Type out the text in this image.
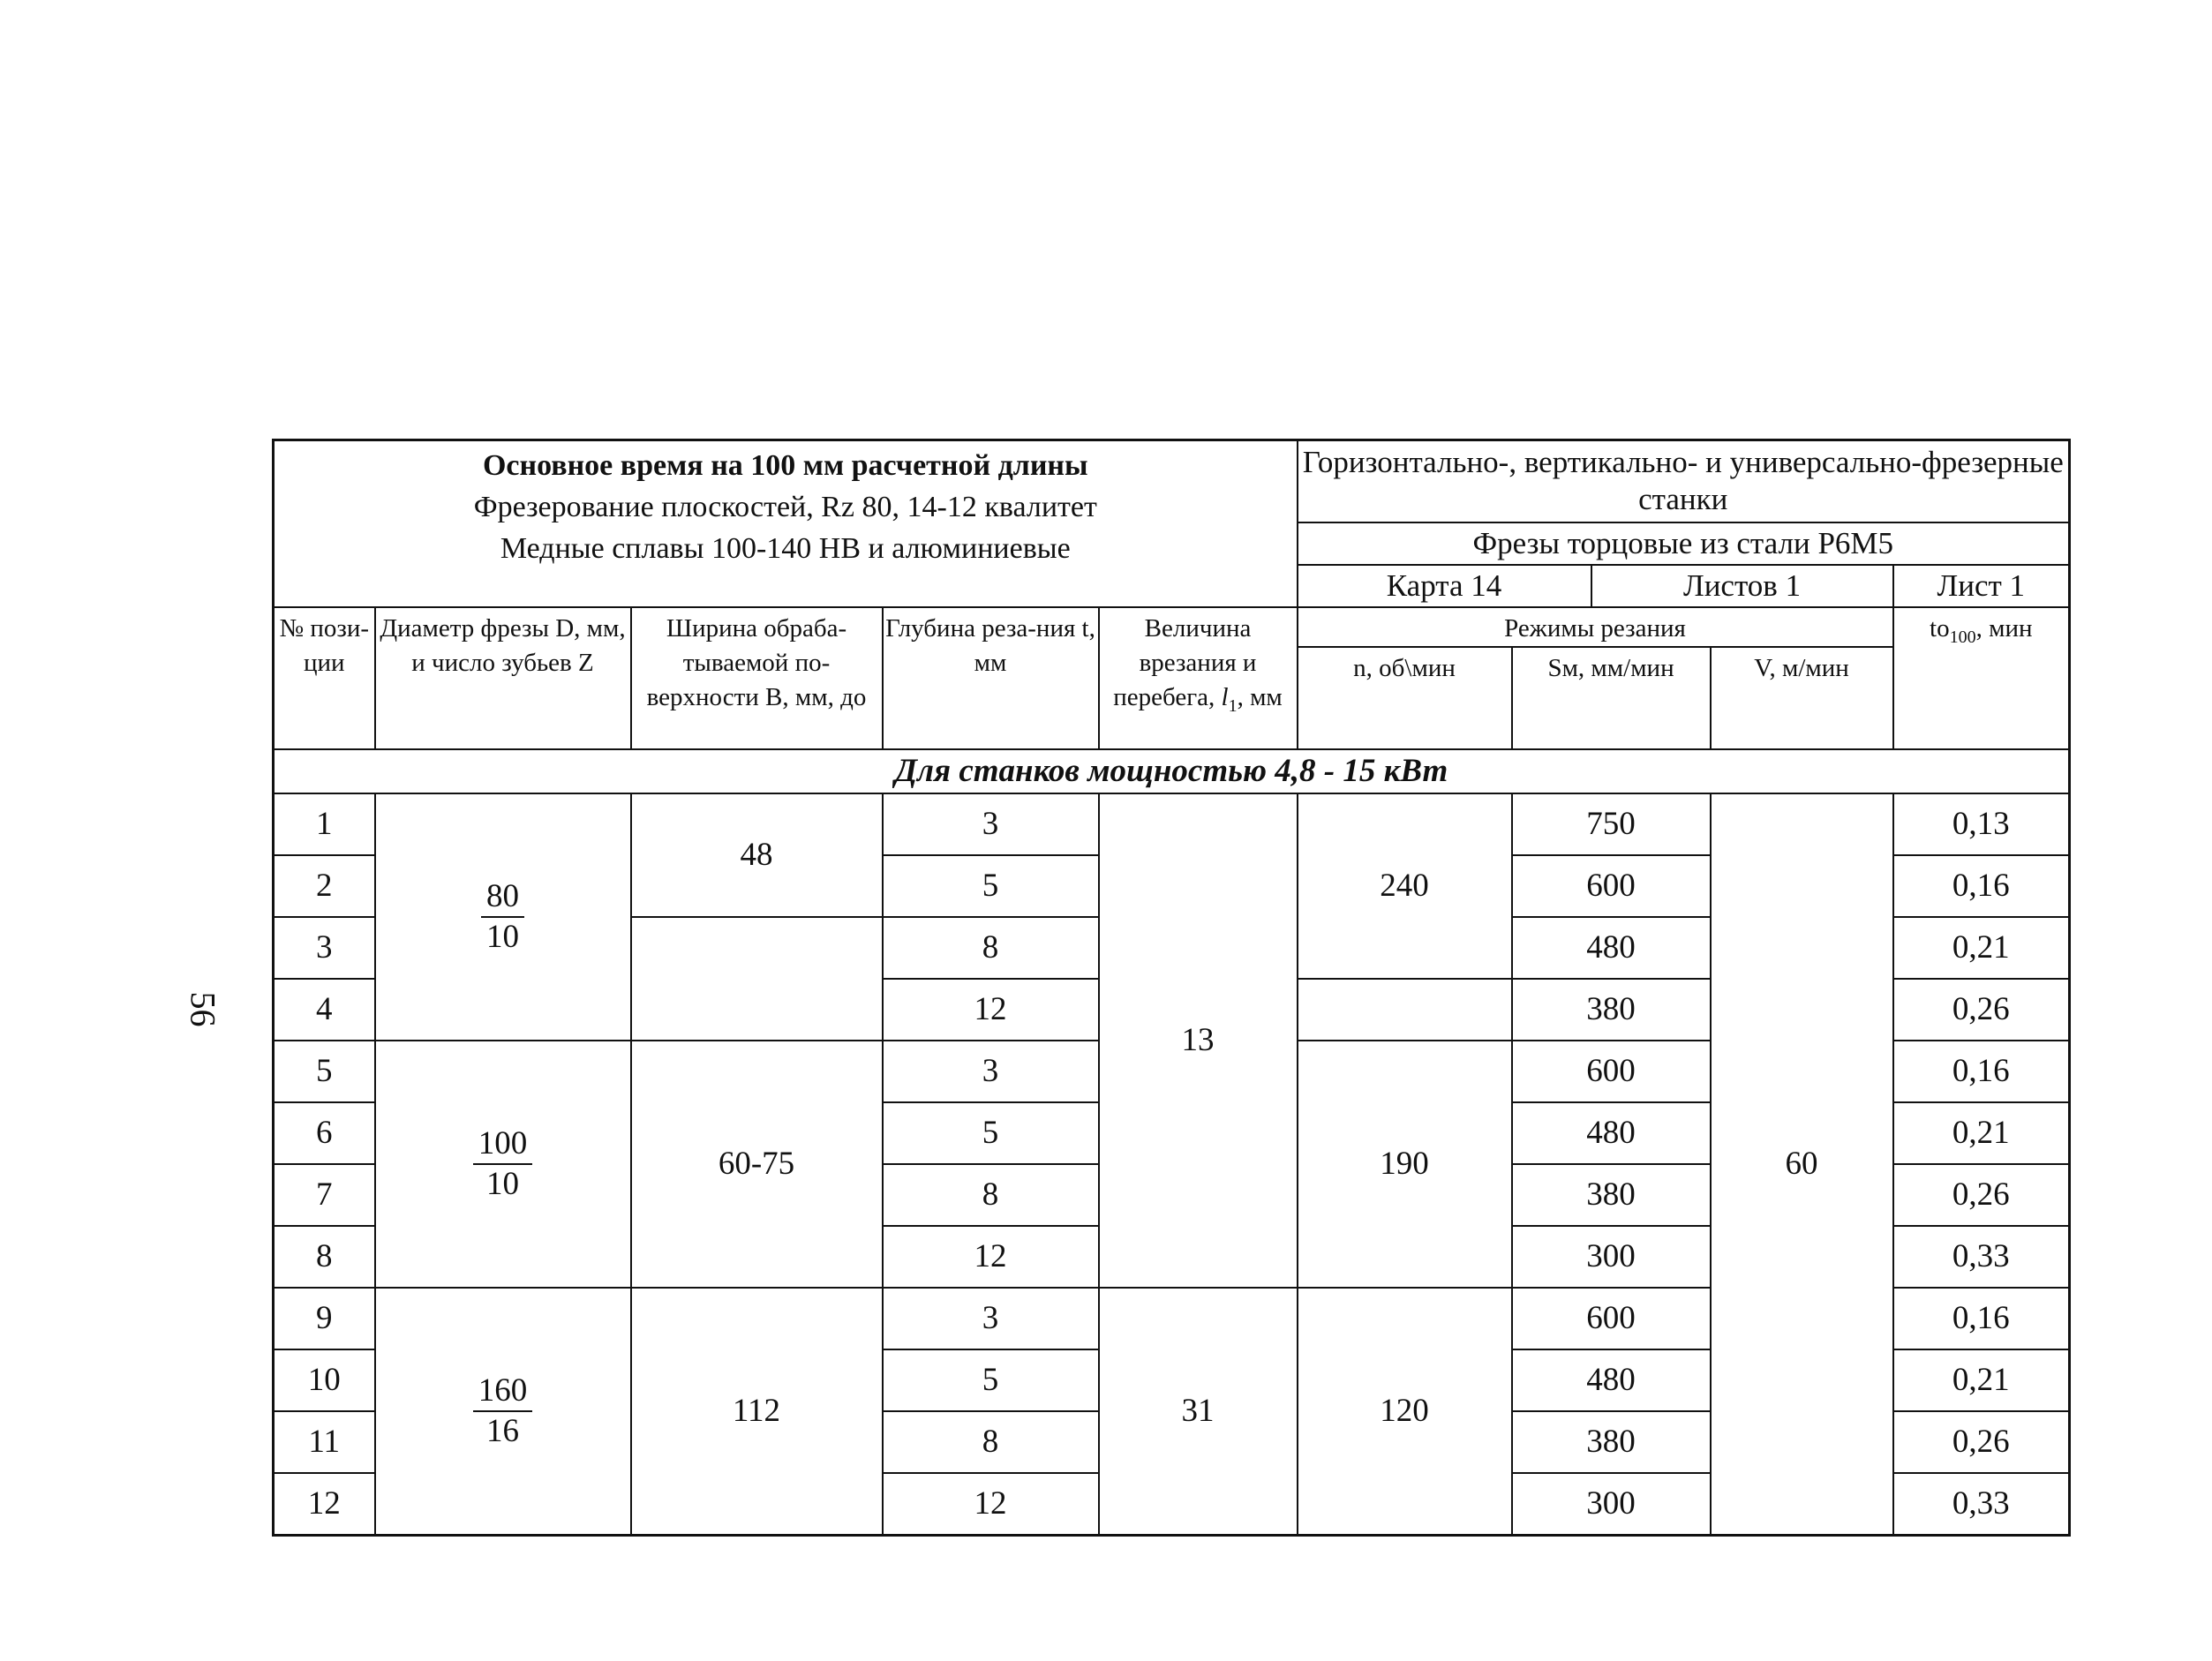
56
Основное время на 100 мм расчетной длины
Фрезерование плоскостей, Rz 80, 14-12 квалитет
Медные сплавы 100-140 НВ и алюминиевые					Горизонтально-, вертикально- и универсально-фрезерные станки				
					Фрезы торцовые из стали Р6М5				
					Карта 14		Листов 1		Лист 1
№ пози-ции	Диаметр фрезы D, мм, и число зубьев Z	Ширина обраба-тываемой по-верхности В, мм, до	Глубина реза-ния t, мм	Величина врезания и перебега, $l_1$, мм	Режимы резания				$to_{100}$, мин
					n, об\мин	Sм, мм/мин		V, м/мин	
Для станков мощностью 4,8 - 15 кВт									
1	$\frac{80}{10}$	48	3	13	240	750		60	0,13
2			5			600			0,16
3			8			480			0,21
4			12			380			0,26
5	$\frac{100}{10}$	60-75	3		190	600			0,16
6			5			480			0,21
7			8			380			0,26
8			12			300			0,33
9	$\frac{160}{16}$	112	3	31	120	600			0,16
10			5			480			0,21
11			8			380			0,26
12			12			300			0,33
